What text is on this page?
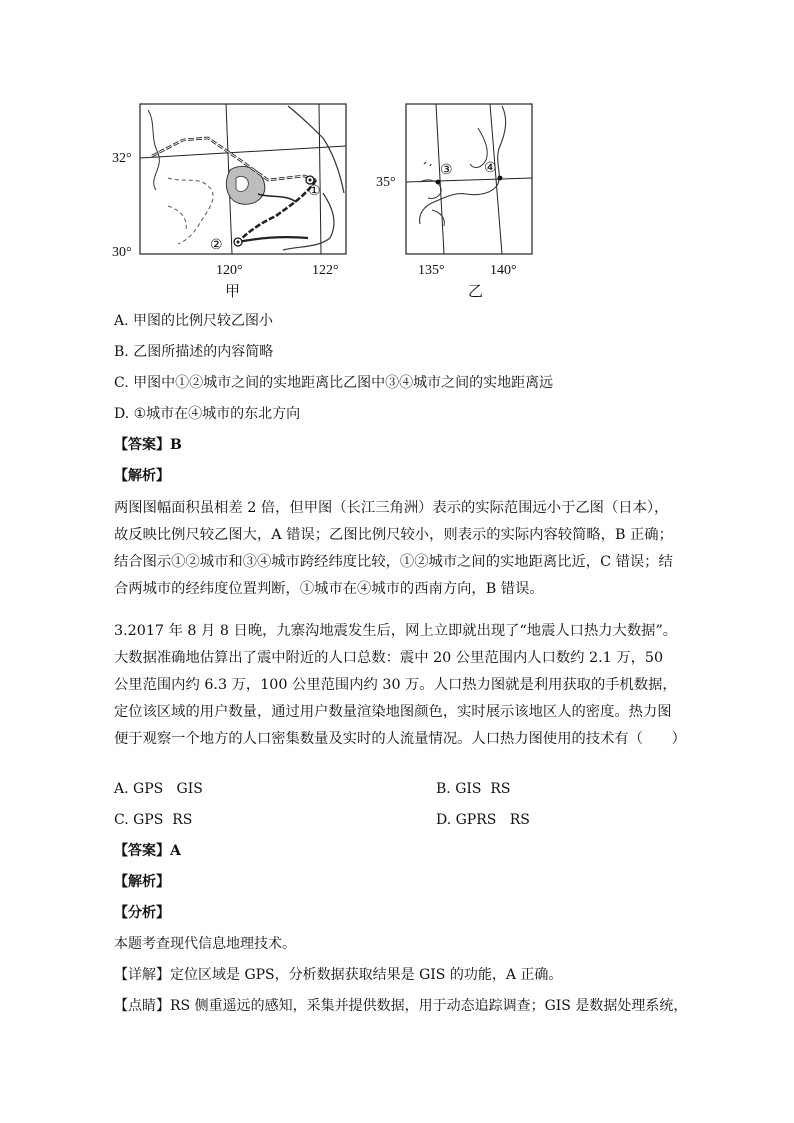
①
②
32°
30°
120°	122°
甲
③ ④
35°
135°	140°
乙
A. 甲图的比例尺较乙图小
B. 乙图所描述的内容简略
C. 甲图中①②城市之间的实地距离比乙图中③④城市之间的实地距离远
D. ①城市在④城市的东北方向
【答案】B
【解析】
两图图幅面积虽相差 2 倍，但甲图（长江三角洲）表示的实际范围远小于乙图（日本），故反映比例尺较乙图大，A 错误；乙图比例尺较小，则表示的实际内容较简略，B 正确；结合图示①②城市和③④城市跨经纬度比较，①②城市之间的实地距离比近，C 错误；结合两城市的经纬度位置判断，①城市在④城市的西南方向，B 错误。
3.2017 年 8 月 8 日晚，九寨沟地震发生后，网上立即就出现了“地震人口热力大数据”。大数据准确地估算出了震中附近的人口总数：震中 20 公里范围内人口数约 2.1 万，50 公里范围内约 6.3 万，100 公里范围内约 30 万。人口热力图就是利用获取的手机数据，定位该区域的用户数量，通过用户数量渲染地图颜色，实时展示该地区人的密度。热力图便于观察一个地方的人口密集数量及实时的人流量情况。人口热力图使用的技术有（　　）
A. GPS   GIS	B. GIS  RS
C. GPS  RS	D. GPRS   RS
【答案】A
【解析】
【分析】
本题考查现代信息地理技术。
【详解】定位区域是 GPS，分析数据获取结果是 GIS 的功能，A 正确。
【点睛】RS 侧重遥远的感知，采集并提供数据，用于动态追踪调查；GIS 是数据处理系统，
